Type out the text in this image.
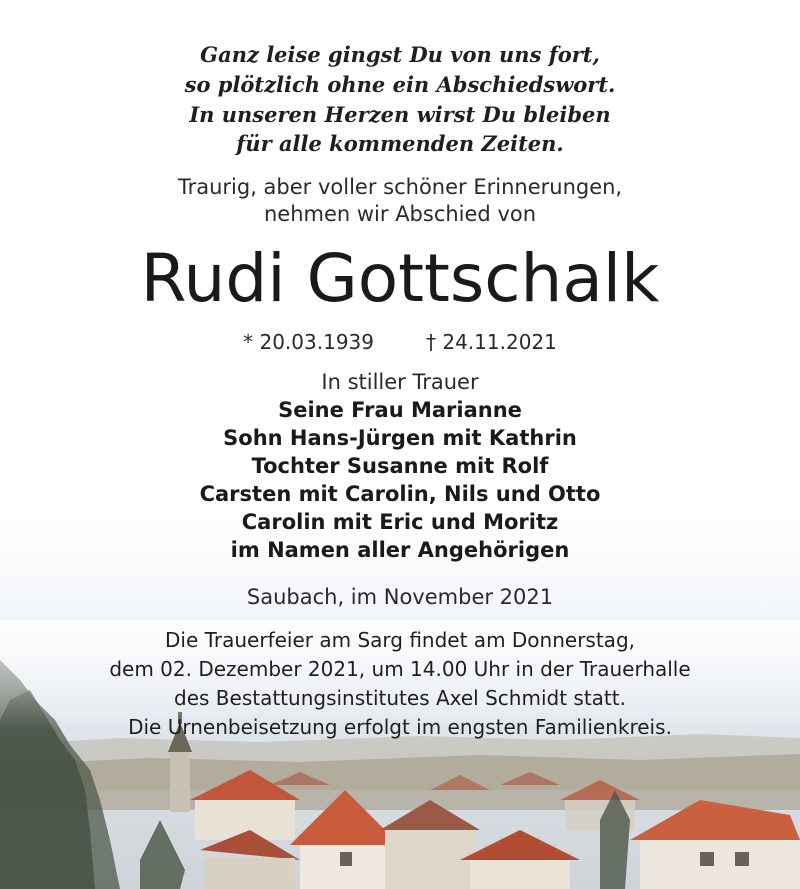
Ganz leise gingst Du von uns fort,
so plötzlich ohne ein Abschiedswort.
In unseren Herzen wirst Du bleiben
für alle kommenden Zeiten.
Traurig, aber voller schöner Erinnerungen,
nehmen wir Abschied von
Rudi Gottschalk
* 20.03.1939	† 24.11.2021
In stiller Trauer
Seine Frau Marianne
Sohn Hans-Jürgen mit Kathrin
Tochter Susanne mit Rolf
Carsten mit Carolin, Nils und Otto
Carolin mit Eric und Moritz
im Namen aller Angehörigen
Saubach, im November 2021
Die Trauerfeier am Sarg findet am Donnerstag,
dem 02. Dezember 2021, um 14.00 Uhr in der Trauerhalle
des Bestattungsinstitutes Axel Schmidt statt.
Die Urnenbeisetzung erfolgt im engsten Familienkreis.
